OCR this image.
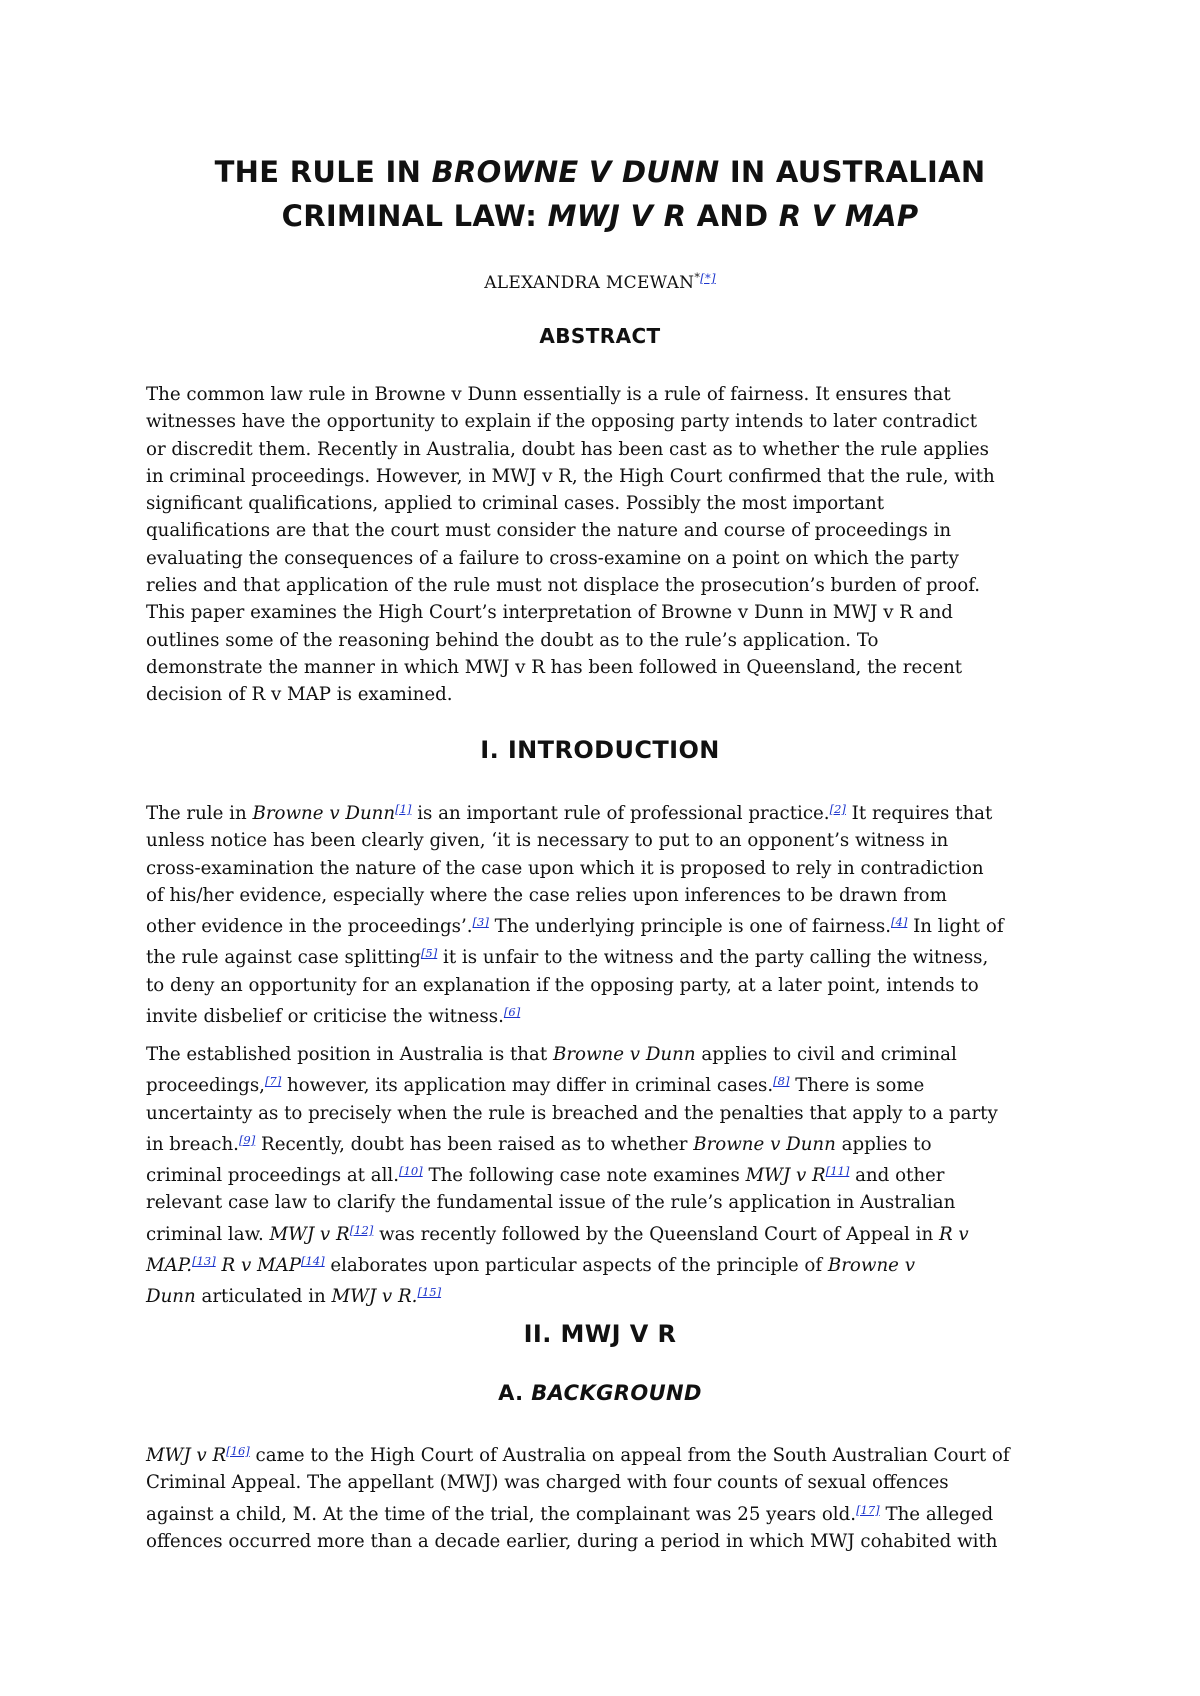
THE RULE IN BROWNE V DUNN IN AUSTRALIAN
CRIMINAL LAW: MWJ V R AND R V MAP

ALEXANDRA MCEWAN*[*]

ABSTRACT
The common law rule in Browne v Dunn essentially is a rule of fairness. It ensures that
witnesses have the opportunity to explain if the opposing party intends to later contradict
or discredit them. Recently in Australia, doubt has been cast as to whether the rule applies
in criminal proceedings. However, in MWJ v R, the High Court confirmed that the rule, with
significant qualifications, applied to criminal cases. Possibly the most important
qualifications are that the court must consider the nature and course of proceedings in
evaluating the consequences of a failure to cross-examine on a point on which the party
relies and that application of the rule must not displace the prosecution’s burden of proof.
This paper examines the High Court’s interpretation of Browne v Dunn in MWJ v R and
outlines some of the reasoning behind the doubt as to the rule’s application. To
demonstrate the manner in which MWJ v R has been followed in Queensland, the recent
decision of R v MAP is examined.
I. INTRODUCTION
The rule in Browne v Dunn[1] is an important rule of professional practice.[2] It requires that
unless notice has been clearly given, ‘it is necessary to put to an opponent’s witness in
cross-examination the nature of the case upon which it is proposed to rely in contradiction
of his/her evidence, especially where the case relies upon inferences to be drawn from
other evidence in the proceedings’.[3] The underlying principle is one of fairness.[4] In light of
the rule against case splitting[5] it is unfair to the witness and the party calling the witness,
to deny an opportunity for an explanation if the opposing party, at a later point, intends to
invite disbelief or criticise the witness.[6]
The established position in Australia is that Browne v Dunn applies to civil and criminal
proceedings,[7] however, its application may differ in criminal cases.[8] There is some
uncertainty as to precisely when the rule is breached and the penalties that apply to a party
in breach.[9] Recently, doubt has been raised as to whether Browne v Dunn applies to
criminal proceedings at all.[10] The following case note examines MWJ v R[11] and other
relevant case law to clarify the fundamental issue of the rule’s application in Australian
criminal law. MWJ v R[12] was recently followed by the Queensland Court of Appeal in R v
MAP.[13] R v MAP[14] elaborates upon particular aspects of the principle of Browne v
Dunn articulated in MWJ v R.[15]
II. MWJ V R
A. BACKGROUND
MWJ v R[16] came to the High Court of Australia on appeal from the South Australian Court of
Criminal Appeal. The appellant (MWJ) was charged with four counts of sexual offences
against a child, M. At the time of the trial, the complainant was 25 years old.[17] The alleged
offences occurred more than a decade earlier, during a period in which MWJ cohabited with
